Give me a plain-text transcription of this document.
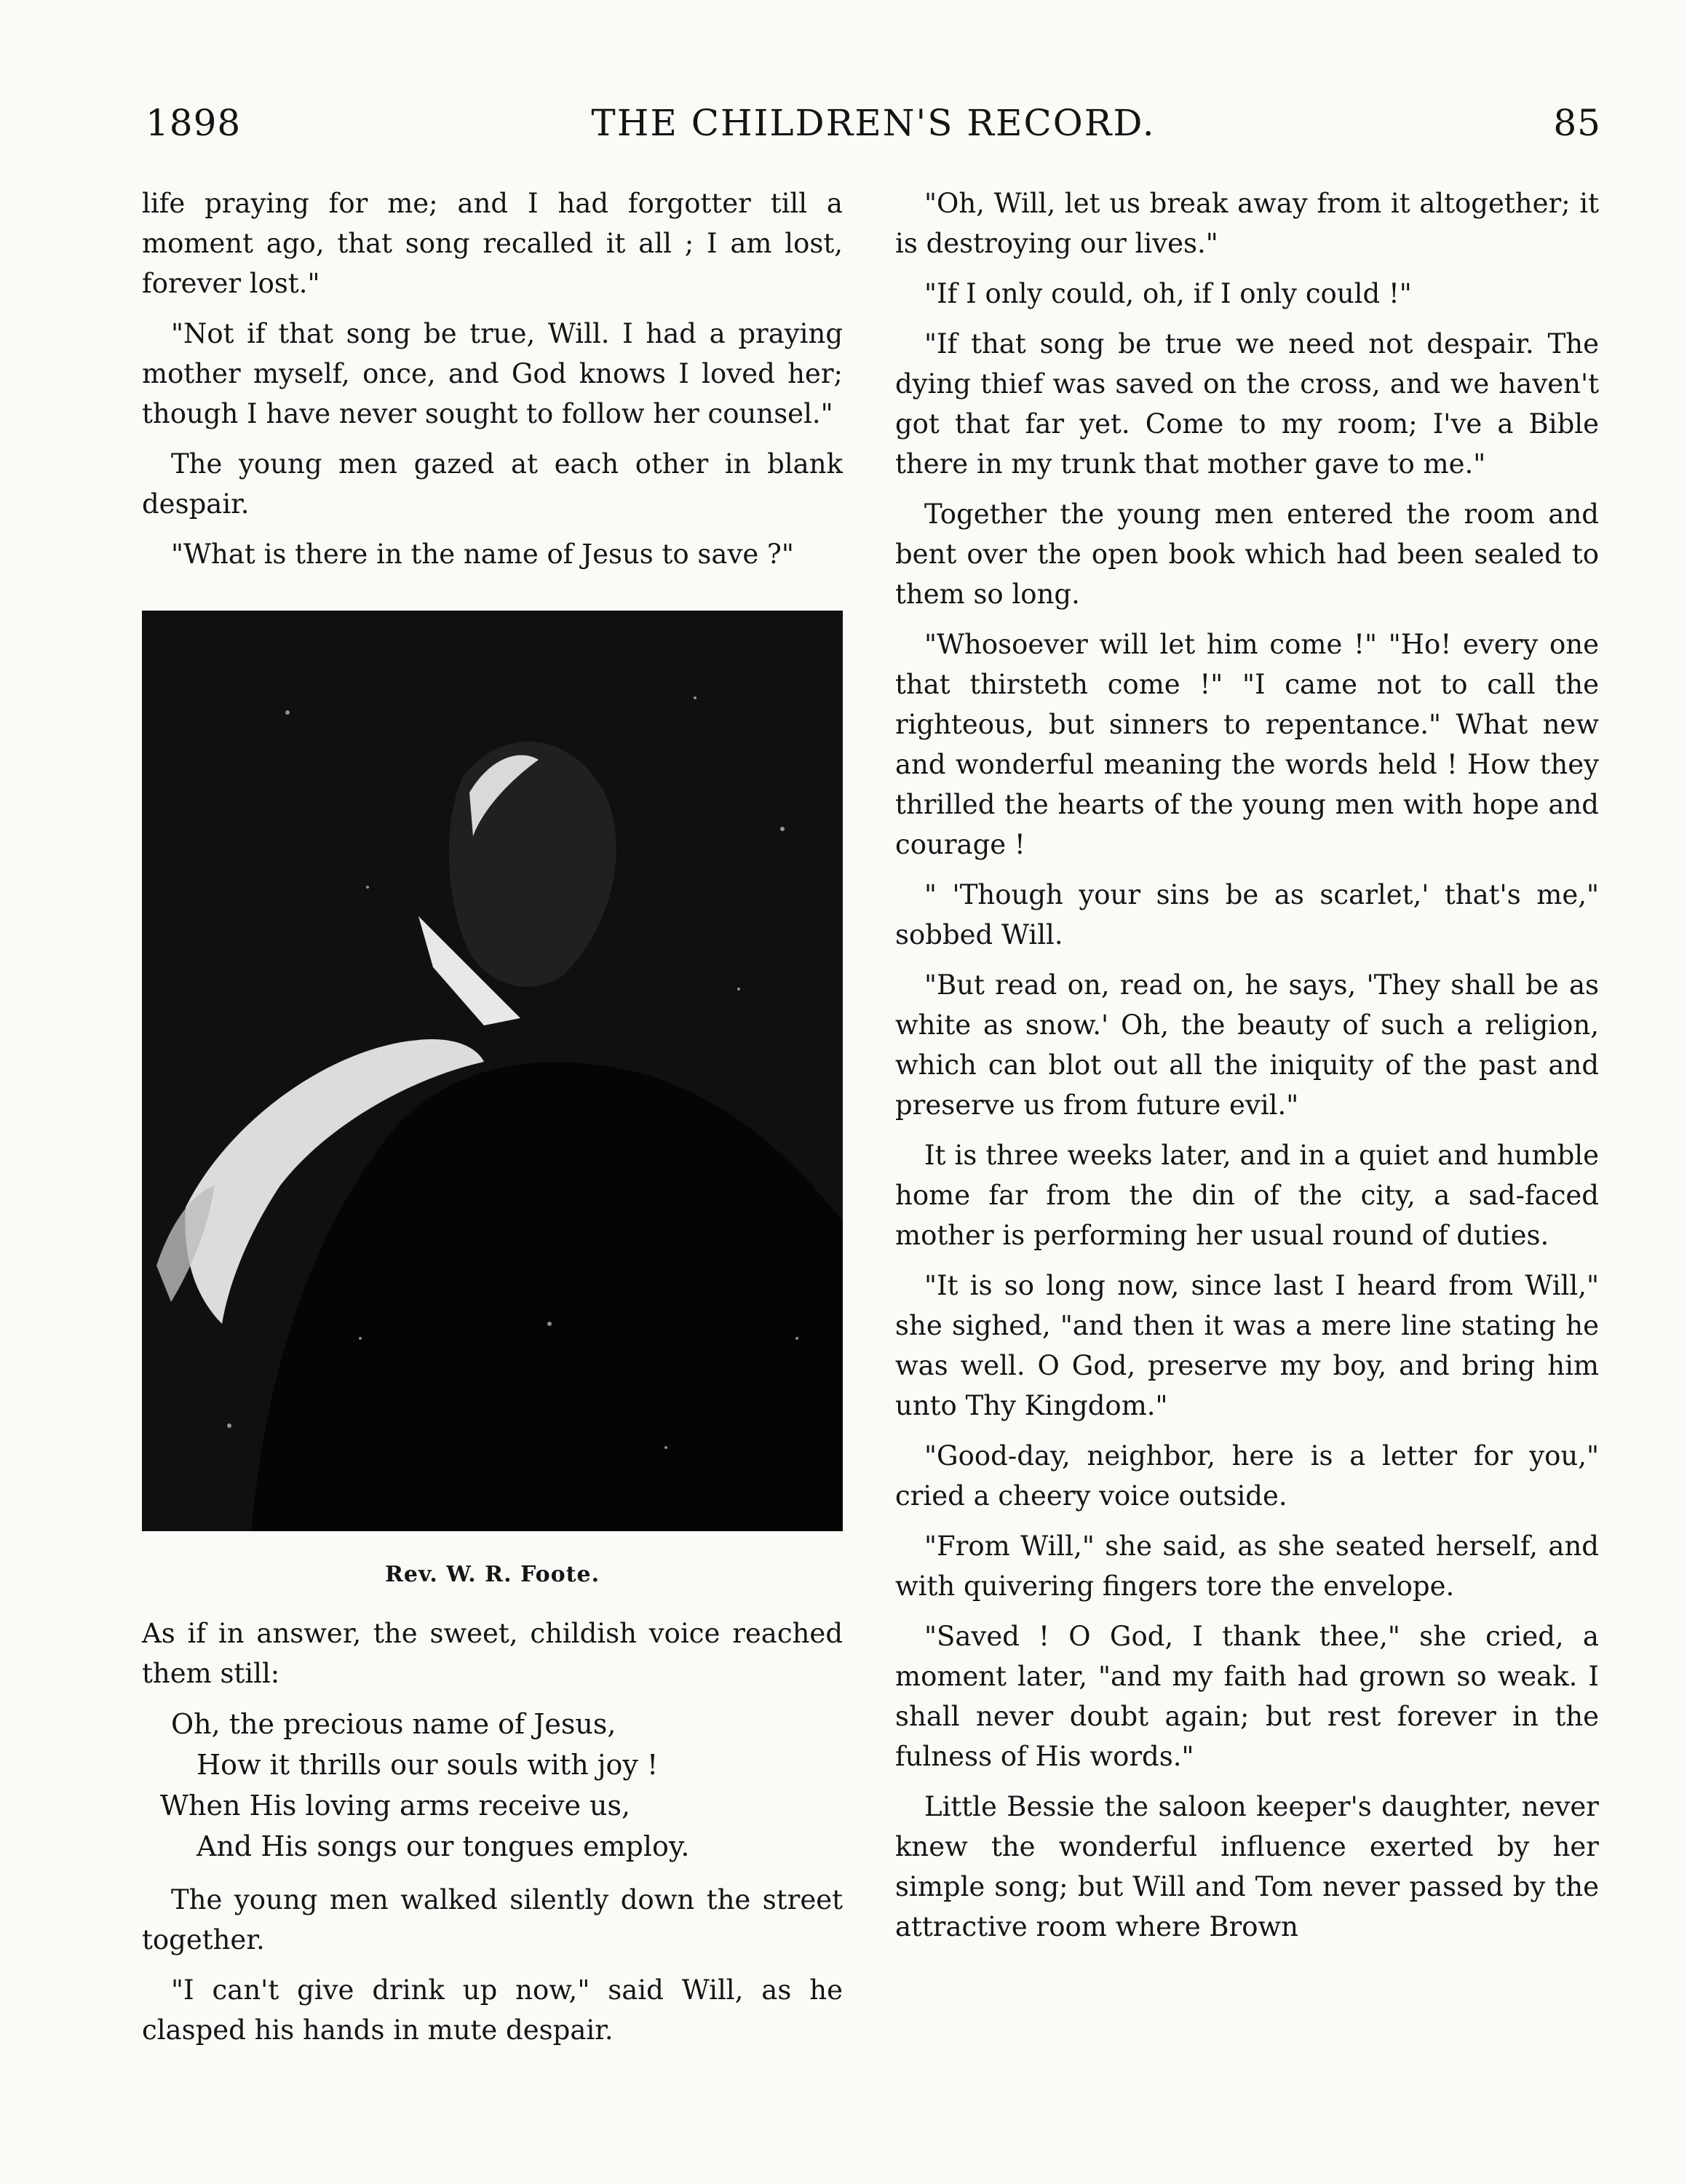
1898	THE CHILDREN'S RECORD.	85

life praying for me; and I had forgotter till a moment ago, that song recalled it all ; I am lost, forever lost."

"Not if that song be true, Will. I had a praying mother myself, once, and God knows I loved her; though I have never sought to follow her counsel."

The young men gazed at each other in blank despair.

"What is there in the name of Jesus to save ?"

Rev. W. R. Foote.

As if in answer, the sweet, childish voice reached them still:

Oh, the precious name of Jesus,
How it thrills our souls with joy !
When His loving arms receive us,
And His songs our tongues employ.

The young men walked silently down the street together.

"I can't give drink up now," said Will, as he clasped his hands in mute despair.

"Oh, Will, let us break away from it altogether; it is destroying our lives."

"If I only could, oh, if I only could !"

"If that song be true we need not despair. The dying thief was saved on the cross, and we haven't got that far yet. Come to my room; I've a Bible there in my trunk that mother gave to me."

Together the young men entered the room and bent over the open book which had been sealed to them so long.

"Whosoever will let him come !" "Ho! every one that thirsteth come !" "I came not to call the righteous, but sinners to repentance." What new and wonderful meaning the words held ! How they thrilled the hearts of the young men with hope and courage !

" 'Though your sins be as scarlet,' that's me," sobbed Will.

"But read on, read on, he says, 'They shall be as white as snow.' Oh, the beauty of such a religion, which can blot out all the iniquity of the past and preserve us from future evil."

It is three weeks later, and in a quiet and humble home far from the din of the city, a sad-faced mother is performing her usual round of duties.

"It is so long now, since last I heard from Will," she sighed, "and then it was a mere line stating he was well. O God, preserve my boy, and bring him unto Thy Kingdom."

"Good-day, neighbor, here is a letter for you," cried a cheery voice outside.

"From Will," she said, as she seated herself, and with quivering fingers tore the envelope.

"Saved ! O God, I thank thee," she cried, a moment later, "and my faith had grown so weak. I shall never doubt again; but rest forever in the fulness of His words."

Little Bessie the saloon keeper's daughter, never knew the wonderful influence exerted by her simple song; but Will and Tom never passed by the attractive room where Brown
